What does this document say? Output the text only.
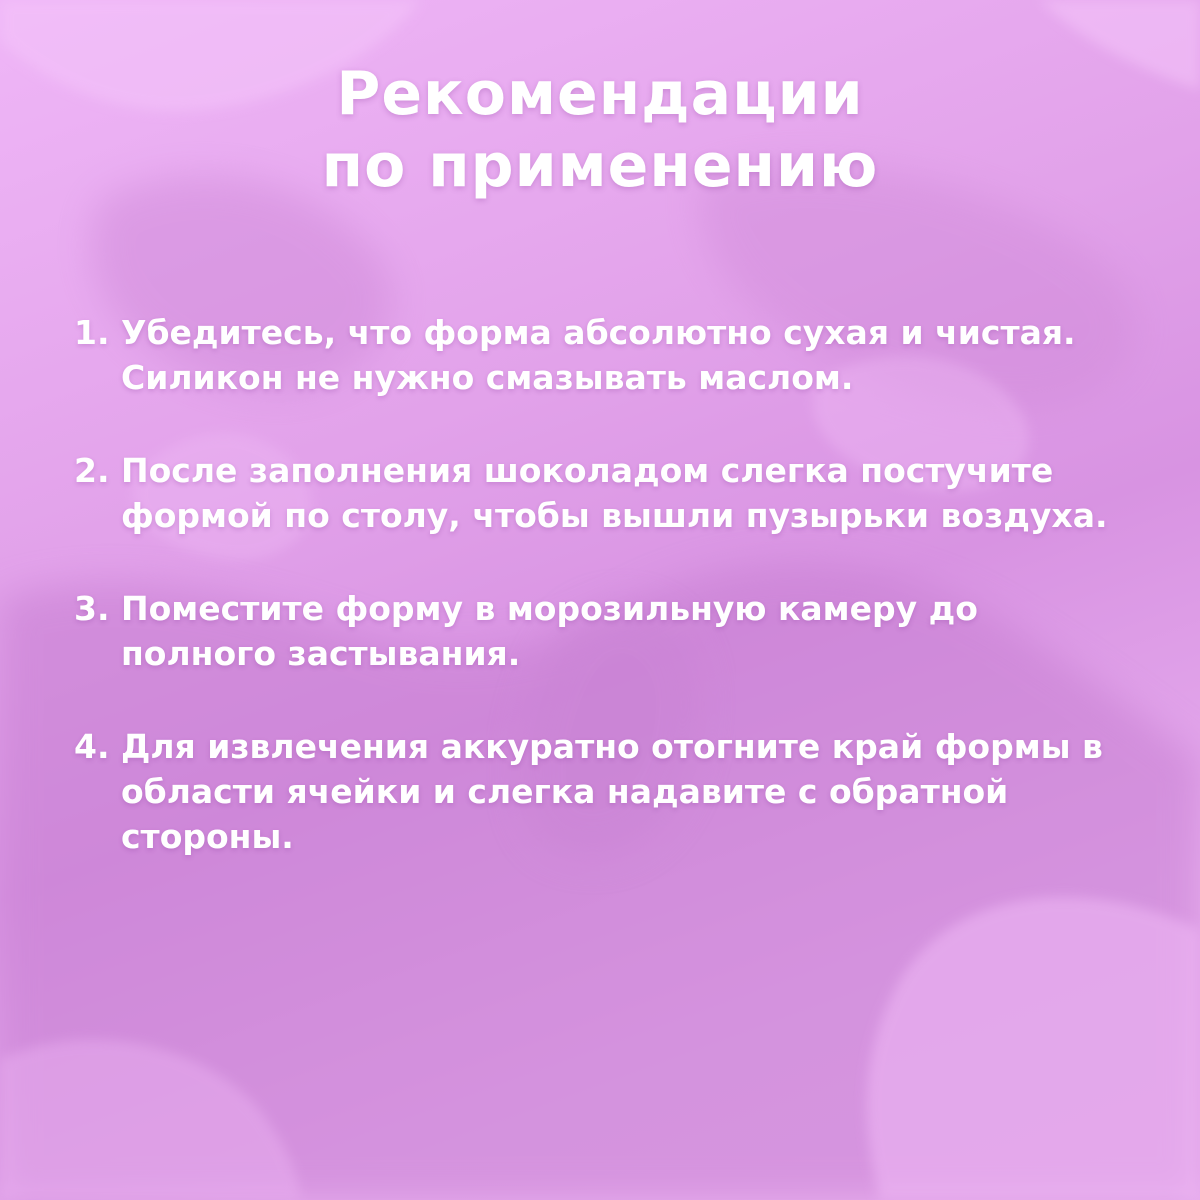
Рекомендации
по применению
1. Убедитесь, что форма абсолютно сухая и чистая. Силикон не нужно смазывать маслом.
2. После заполнения шоколадом слегка постучите формой по столу, чтобы вышли пузырьки воздуха.
3. Поместите форму в морозильную камеру до полного застывания.
4. Для извлечения аккуратно отогните край формы в области ячейки и слегка надавите с обратной стороны.
